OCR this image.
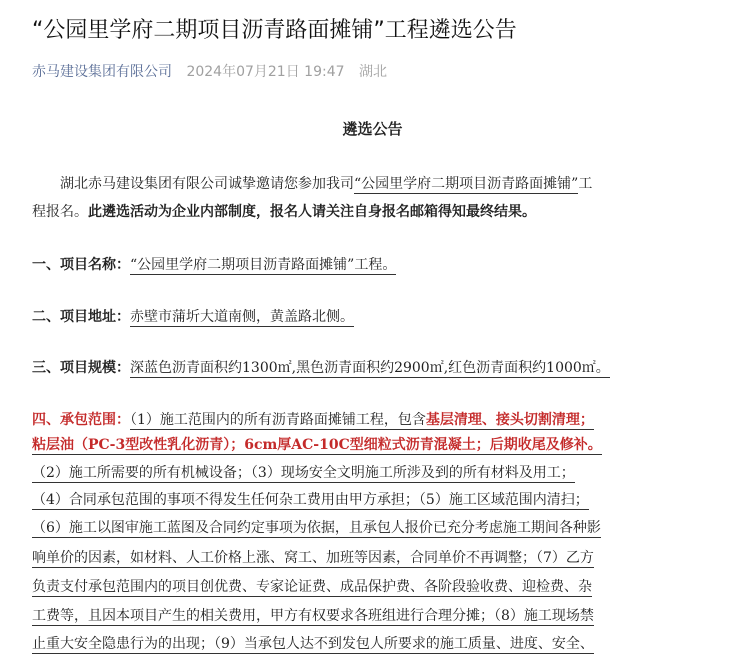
“公园里学府二期项目沥青路面摊铺”工程遴选公告
赤马建设集团有限公司 2024年07月21日 19:47 湖北
遴选公告
湖北赤马建设集团有限公司诚挚邀请您参加我司“公园里学府二期项目沥青路面摊铺”工
程报名。此遴选活动为企业内部制度，报名人请关注自身报名邮箱得知最终结果。
一、项目名称：“公园里学府二期项目沥青路面摊铺”工程。
二、项目地址：赤壁市蒲圻大道南侧，黄盖路北侧。
三、项目规模：深蓝色沥青面积约1300㎡,黑色沥青面积约2900㎡,红色沥青面积约1000㎡。
四、承包范围：（1）施工范围内的所有沥青路面摊铺工程，包含基层清理、接头切割清理；
粘层油（PC-3型改性乳化沥青）；6cm厚AC-10C型细粒式沥青混凝土；后期收尾及修补。
（2）施工所需要的所有机械设备；（3）现场安全文明施工所涉及到的所有材料及用工；
（4）合同承包范围的事项不得发生任何杂工费用由甲方承担；（5）施工区域范围内清扫；
（6）施工以图审施工蓝图及合同约定事项为依据，且承包人报价已充分考虑施工期间各种影
响单价的因素，如材料、人工价格上涨、窝工、加班等因素，合同单价不再调整；（7）乙方
负责支付承包范围内的项目创优费、专家论证费、成品保护费、各阶段验收费、迎检费、杂
工费等，且因本项目产生的相关费用，甲方有权要求各班组进行合理分摊；（8）施工现场禁
止重大安全隐患行为的出现；（9）当承包人达不到发包人所要求的施工质量、进度、安全、
